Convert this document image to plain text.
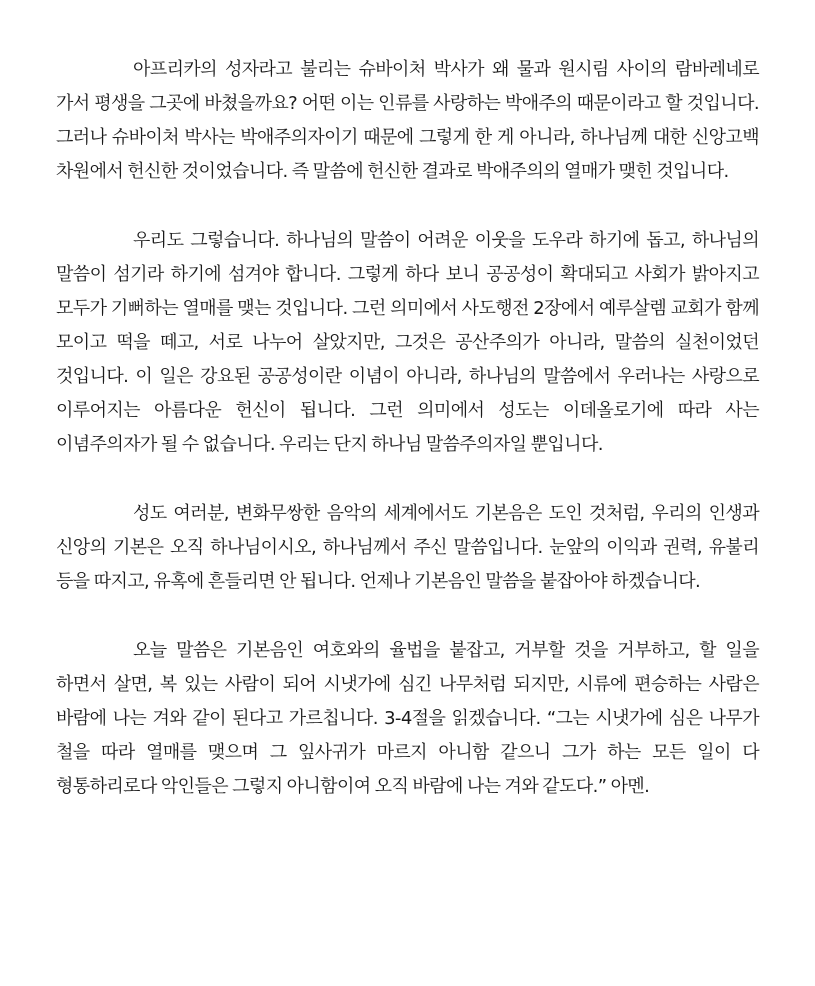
아프리카의 성자라고 불리는 슈바이처 박사가 왜 물과 원시림 사이의 람바레네로 가서 평생을 그곳에 바쳤을까요? 어떤 이는 인류를 사랑하는 박애주의 때문이라고 할 것입니다. 그러나 슈바이처 박사는 박애주의자이기 때문에 그렇게 한 게 아니라, 하나님께 대한 신앙고백 차원에서 헌신한 것이었습니다. 즉 말씀에 헌신한 결과로 박애주의의 열매가 맺힌 것입니다.

우리도 그렇습니다. 하나님의 말씀이 어려운 이웃을 도우라 하기에 돕고, 하나님의 말씀이 섬기라 하기에 섬겨야 합니다. 그렇게 하다 보니 공공성이 확대되고 사회가 밝아지고 모두가 기뻐하는 열매를 맺는 것입니다. 그런 의미에서 사도행전 2장에서 예루살렘 교회가 함께 모이고 떡을 떼고, 서로 나누어 살았지만, 그것은 공산주의가 아니라, 말씀의 실천이었던 것입니다. 이 일은 강요된 공공성이란 이념이 아니라, 하나님의 말씀에서 우러나는 사랑으로 이루어지는 아름다운 헌신이 됩니다. 그런 의미에서 성도는 이데올로기에 따라 사는 이념주의자가 될 수 없습니다. 우리는 단지 하나님 말씀주의자일 뿐입니다.

성도 여러분, 변화무쌍한 음악의 세계에서도 기본음은 도인 것처럼, 우리의 인생과 신앙의 기본은 오직 하나님이시오, 하나님께서 주신 말씀입니다. 눈앞의 이익과 권력, 유불리 등을 따지고, 유혹에 흔들리면 안 됩니다. 언제나 기본음인 말씀을 붙잡아야 하겠습니다.

오늘 말씀은 기본음인 여호와의 율법을 붙잡고, 거부할 것을 거부하고, 할 일을 하면서 살면, 복 있는 사람이 되어 시냇가에 심긴 나무처럼 되지만, 시류에 편승하는 사람은 바람에 나는 겨와 같이 된다고 가르칩니다. 3-4절을 읽겠습니다. “그는 시냇가에 심은 나무가 철을 따라 열매를 맺으며 그 잎사귀가 마르지 아니함 같으니 그가 하는 모든 일이 다 형통하리로다 악인들은 그렇지 아니함이여 오직 바람에 나는 겨와 같도다.” 아멘.
